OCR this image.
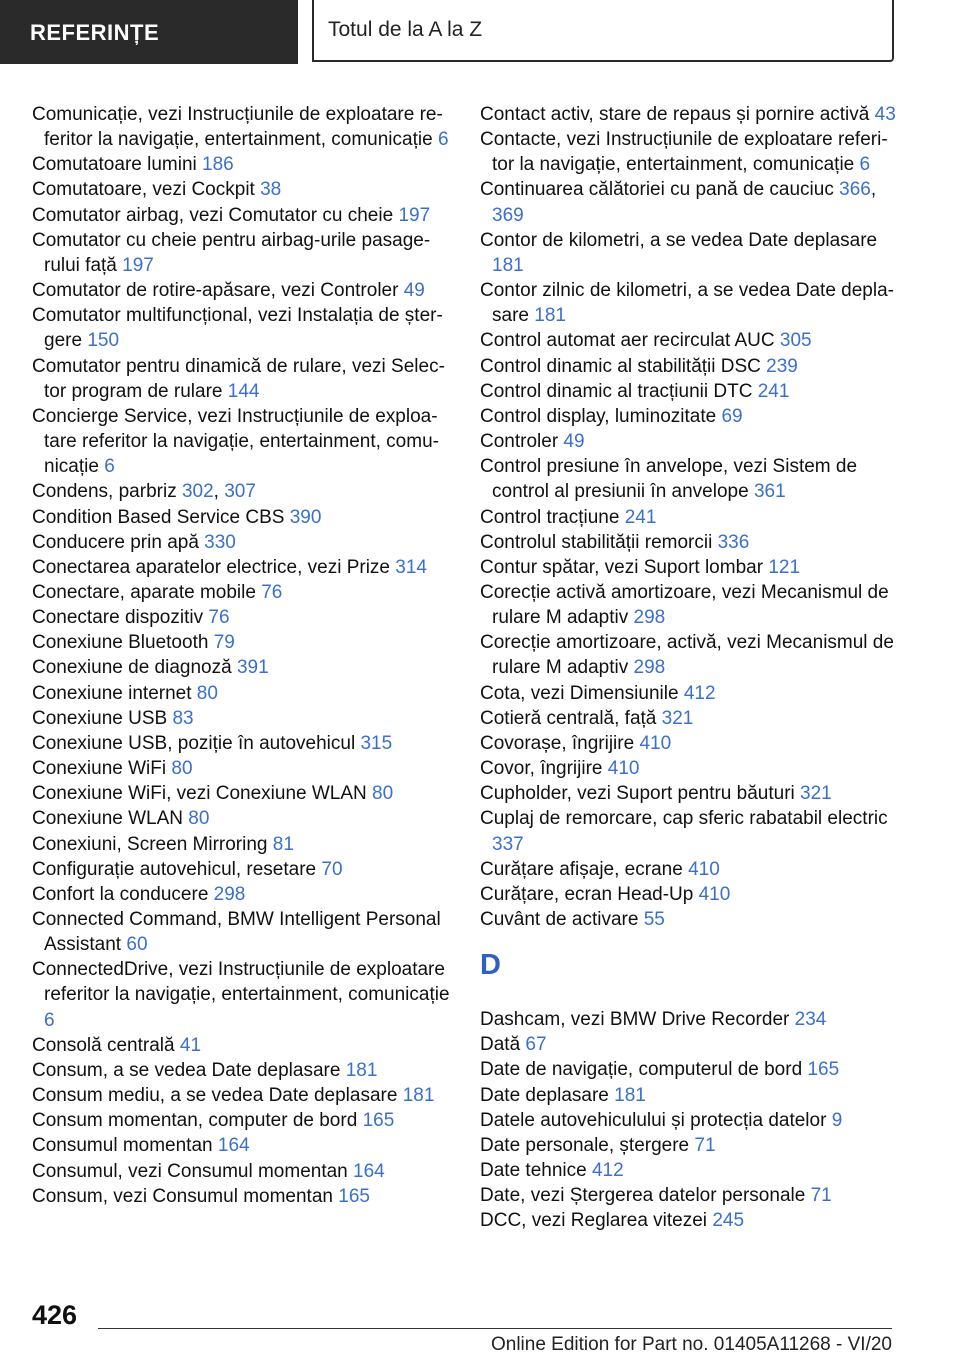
REFERINȚE	Totul de la A la Z
Comunicație, vezi Instrucțiunile de exploatare referitor la navigație, entertainment, comunicație 6
Comutatoare lumini 186
Comutatoare, vezi Cockpit 38
Comutator airbag, vezi Comutator cu cheie 197
Comutator cu cheie pentru airbag-urile pasagerului față 197
Comutator de rotire-apăsare, vezi Controler 49
Comutator multifuncțional, vezi Instalația de ștergere 150
Comutator pentru dinamică de rulare, vezi Selector program de rulare 144
Concierge Service, vezi Instrucțiunile de exploatare referitor la navigație, entertainment, comunicație 6
Condens, parbriz 302, 307
Condition Based Service CBS 390
Conducere prin apă 330
Conectarea aparatelor electrice, vezi Prize 314
Conectare, aparate mobile 76
Conectare dispozitiv 76
Conexiune Bluetooth 79
Conexiune de diagnoză 391
Conexiune internet 80
Conexiune USB 83
Conexiune USB, poziție în autovehicul 315
Conexiune WiFi 80
Conexiune WiFi, vezi Conexiune WLAN 80
Conexiune WLAN 80
Conexiuni, Screen Mirroring 81
Configurație autovehicul, resetare 70
Confort la conducere 298
Connected Command, BMW Intelligent Personal Assistant 60
ConnectedDrive, vezi Instrucțiunile de exploatare referitor la navigație, entertainment, comunicație 6
Consolă centrală 41
Consum, a se vedea Date deplasare 181
Consum mediu, a se vedea Date deplasare 181
Consum momentan, computer de bord 165
Consumul momentan 164
Consumul, vezi Consumul momentan 164
Consum, vezi Consumul momentan 165
Contact activ, stare de repaus și pornire activă 43
Contacte, vezi Instrucțiunile de exploatare referitor la navigație, entertainment, comunicație 6
Continuarea călătoriei cu pană de cauciuc 366, 369
Contor de kilometri, a se vedea Date deplasare 181
Contor zilnic de kilometri, a se vedea Date deplasare 181
Control automat aer recirculat AUC 305
Control dinamic al stabilității DSC 239
Control dinamic al tracțiunii DTC 241
Control display, luminozitate 69
Controler 49
Control presiune în anvelope, vezi Sistem de control al presiunii în anvelope 361
Control tracțiune 241
Controlul stabilității remorcii 336
Contur spătar, vezi Suport lombar 121
Corecție activă amortizoare, vezi Mecanismul de rulare M adaptiv 298
Corecție amortizoare, activă, vezi Mecanismul de rulare M adaptiv 298
Cota, vezi Dimensiunile 412
Cotieră centrală, față 321
Covorașe, îngrijire 410
Covor, îngrijire 410
Cupholder, vezi Suport pentru băuturi 321
Cuplaj de remorcare, cap sferic rabatabil electric 337
Curățare afișaje, ecrane 410
Curățare, ecran Head-Up 410
Cuvânt de activare 55
D
Dashcam, vezi BMW Drive Recorder 234
Dată 67
Date de navigație, computerul de bord 165
Date deplasare 181
Datele autovehiculului și protecția datelor 9
Date personale, ștergere 71
Date tehnice 412
Date, vezi Ștergerea datelor personale 71
DCC, vezi Reglarea vitezei 245
426
Online Edition for Part no. 01405A11268 - VI/20
